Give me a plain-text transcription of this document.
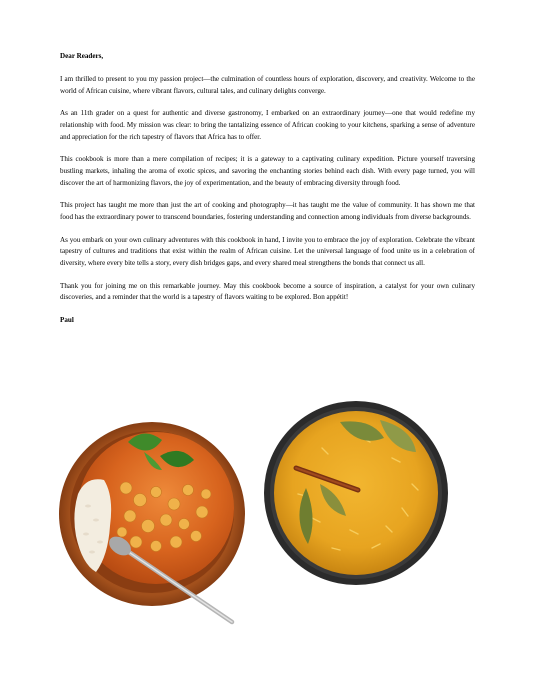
Dear Readers,

I am thrilled to present to you my passion project—the culmination of countless hours of exploration, discovery, and creativity. Welcome to the world of African cuisine, where vibrant flavors, cultural tales, and culinary delights converge.

As an 11th grader on a quest for authentic and diverse gastronomy, I embarked on an extraordinary journey—one that would redefine my relationship with food. My mission was clear: to bring the tantalizing essence of African cooking to your kitchens, sparking a sense of adventure and appreciation for the rich tapestry of flavors that Africa has to offer.

This cookbook is more than a mere compilation of recipes; it is a gateway to a captivating culinary expedition. Picture yourself traversing bustling markets, inhaling the aroma of exotic spices, and savoring the enchanting stories behind each dish. With every page turned, you will discover the art of harmonizing flavors, the joy of experimentation, and the beauty of embracing diversity through food.

This project has taught me more than just the art of cooking and photography—it has taught me the value of community. It has shown me that food has the extraordinary power to transcend boundaries, fostering understanding and connection among individuals from diverse backgrounds.

As you embark on your own culinary adventures with this cookbook in hand, I invite you to embrace the joy of exploration. Celebrate the vibrant tapestry of cultures and traditions that exist within the realm of African cuisine. Let the universal language of food unite us in a celebration of diversity, where every bite tells a story, every dish bridges gaps, and every shared meal strengthens the bonds that connect us all.

Thank you for joining me on this remarkable journey. May this cookbook become a source of inspiration, a catalyst for your own culinary discoveries, and a reminder that the world is a tapestry of flavors waiting to be explored. Bon appétit!

Paul
